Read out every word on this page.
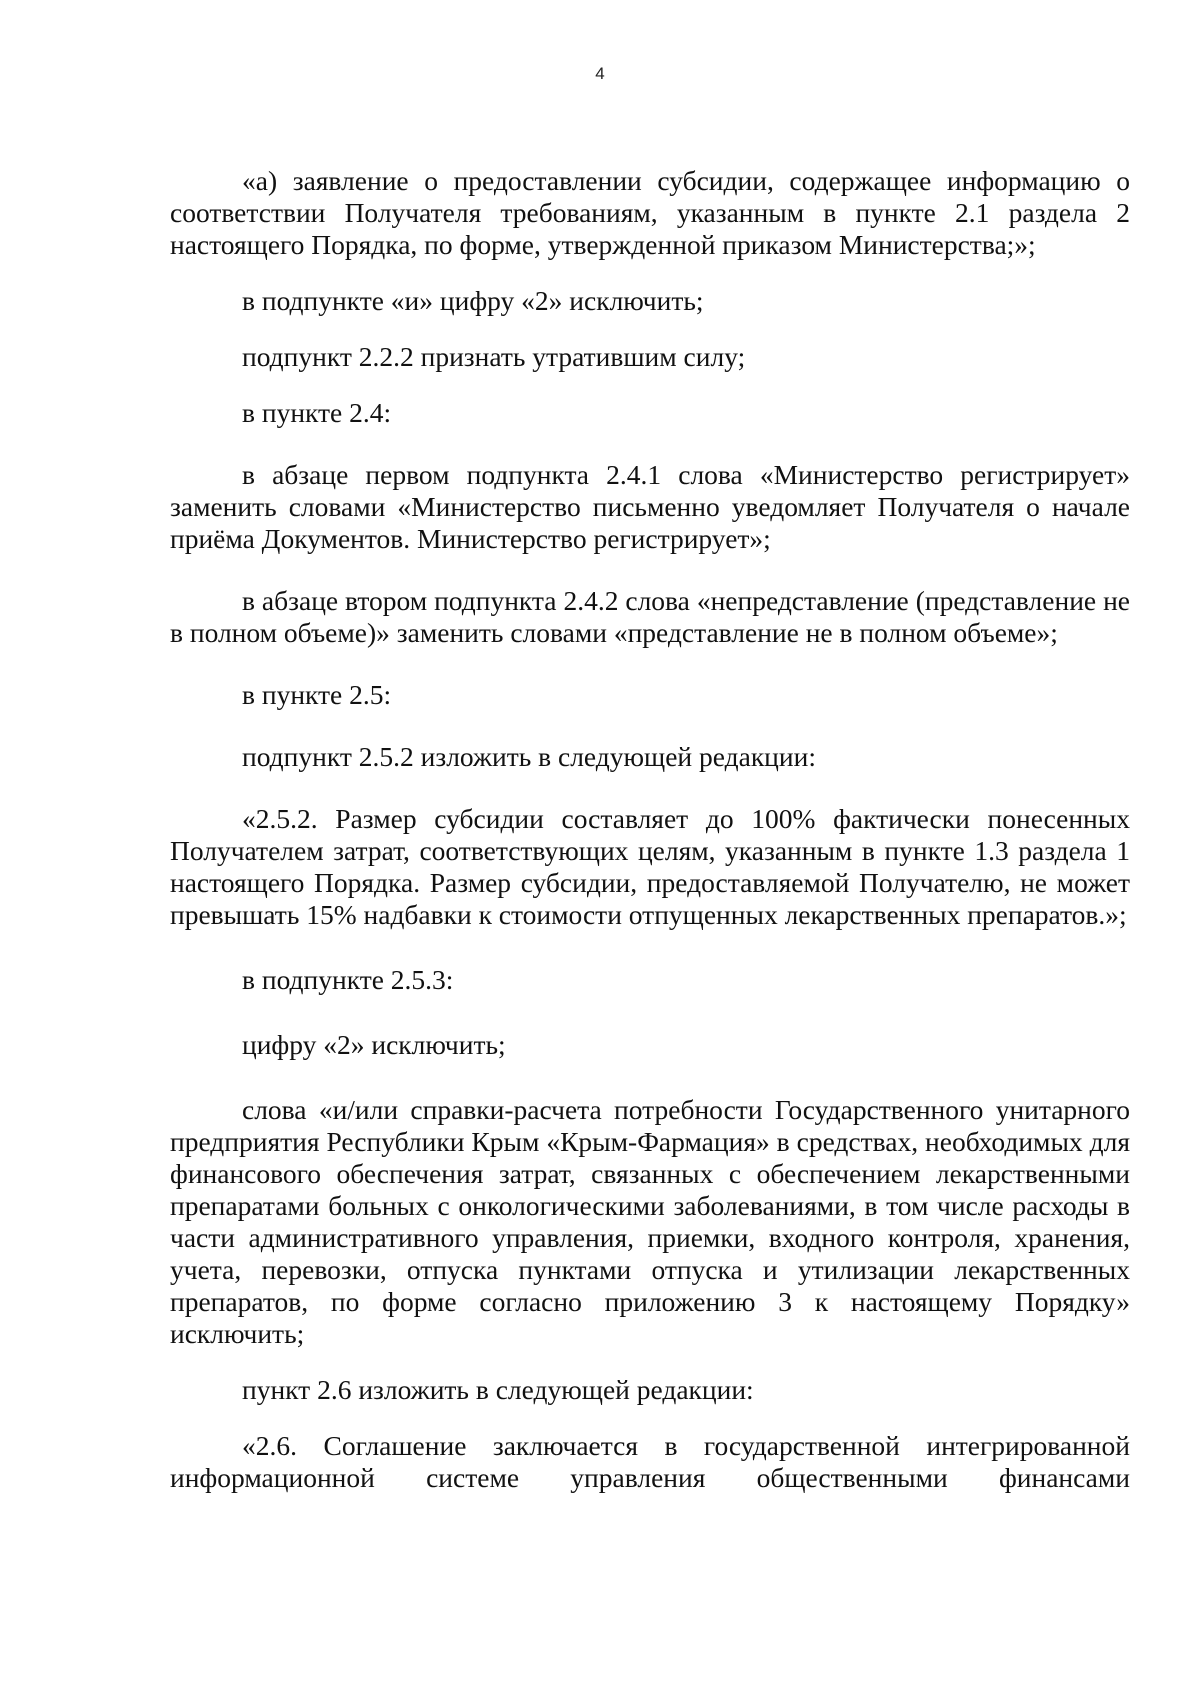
4

«а) заявление о предоставлении субсидии, содержащее информацию о соответствии Получателя требованиям, указанным в пункте 2.1 раздела 2 настоящего Порядка, по форме, утвержденной приказом Министерства;»;

в подпункте «и» цифру «2» исключить;

подпункт 2.2.2 признать утратившим силу;

в пункте 2.4:

в абзаце первом подпункта 2.4.1 слова «Министерство регистрирует» заменить словами «Министерство письменно уведомляет Получателя о начале приёма Документов. Министерство регистрирует»;

в абзаце втором подпункта 2.4.2 слова «непредставление (представление не в полном объеме)» заменить словами «представление не в полном объеме»;

в пункте 2.5:

подпункт 2.5.2 изложить в следующей редакции:

«2.5.2. Размер субсидии составляет до 100% фактически понесенных Получателем затрат, соответствующих целям, указанным в пункте 1.3 раздела 1 настоящего Порядка. Размер субсидии, предоставляемой Получателю, не может превышать 15% надбавки к стоимости отпущенных лекарственных препаратов.»;

в подпункте 2.5.3:

цифру «2» исключить;

слова «и/или справки-расчета потребности Государственного унитарного предприятия Республики Крым «Крым-Фармация» в средствах, необходимых для финансового обеспечения затрат, связанных с обеспечением лекарственными препаратами больных с онкологическими заболеваниями, в том числе расходы в части административного управления, приемки, входного контроля, хранения, учета, перевозки, отпуска пунктами отпуска и утилизации лекарственных препаратов, по форме согласно приложению 3 к настоящему Порядку» исключить;

пункт 2.6 изложить в следующей редакции:

«2.6. Соглашение заключается в государственной интегрированной информационной системе управления общественными финансами
